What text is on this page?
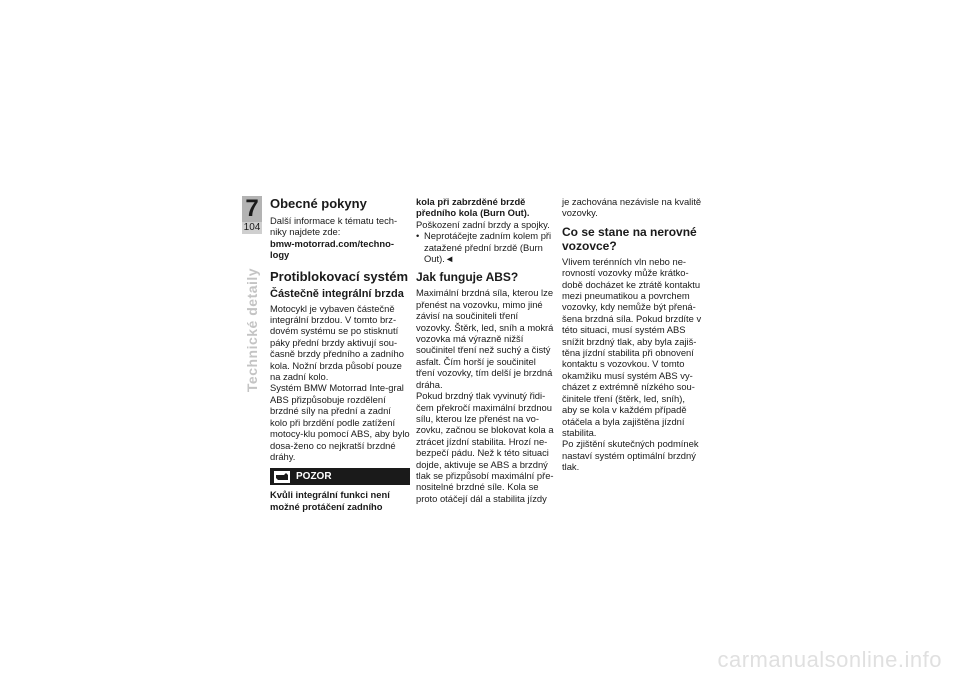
7
104
Technické detaily
Obecné pokyny

Další informace k tématu tech-niky najdete zde:

bmw-motorrad.com/techno-logy

Protiblokovací systém
Částečně integrální brzda

Motocykl je vybaven částečně integrální brzdou. V tomto brz-dovém systému se po stisknutí páky přední brzdy aktivují sou-časně brzdy předního a zadního kola. Nožní brzda působí pouze na zadní kolo.

Systém BMW Motorrad Inte-gral ABS přizpůsobuje rozdělení brzdné síly na přední a zadní kolo při brzdění podle zatížení motocy-klu pomocí ABS, aby bylo dosa-ženo co nejkratší brzdné dráhy.

POZOR

Kvůli integrální funkci není možné protáčení zadního

kola při zabrzděné brzdě předního kola (Burn Out).

Poškození zadní brzdy a spojky.

• Neprotáčejte zadním kolem při zatažené přední brzdě (Burn Out).◄

Jak funguje ABS?

Maximální brzdná síla, kterou lze přenést na vozovku, mimo jiné závisí na součiniteli tření vozovky. Štěrk, led, sníh a mokrá vozovka má výrazně nižší součinitel tření než suchý a čistý asfalt. Čím horší je součinitel tření vozovky, tím delší je brzdná dráha.

Pokud brzdný tlak vyvinutý řidi-čem překročí maximální brzdnou sílu, kterou lze přenést na vo-zovku, začnou se blokovat kola a ztrácet jízdní stabilita. Hrozí ne-bezpečí pádu. Než k této situaci dojde, aktivuje se ABS a brzdný tlak se přizpůsobí maximální pře-nositelné brzdné síle. Kola se proto otáčejí dál a stabilita jízdy

je zachována nezávisle na kvalitě vozovky.

Co se stane na nerovné vozovce?

Vlivem terénních vln nebo ne-rovností vozovky může krátko-době docházet ke ztrátě kontaktu mezi pneumatikou a povrchem vozovky, kdy nemůže být přená-šena brzdná síla. Pokud brzdíte v této situaci, musí systém ABS snížit brzdný tlak, aby byla zajiš-těna jízdní stabilita při obnovení kontaktu s vozovkou. V tomto okamžiku musí systém ABS vy-cházet z extrémně nízkého sou-činitele tření (štěrk, led, sníh), aby se kola v každém případě otáčela a byla zajištěna jízdní stabilita.

Po zjištění skutečných podmínek nastaví systém optimální brzdný tlak.

carmanualsonline.info
